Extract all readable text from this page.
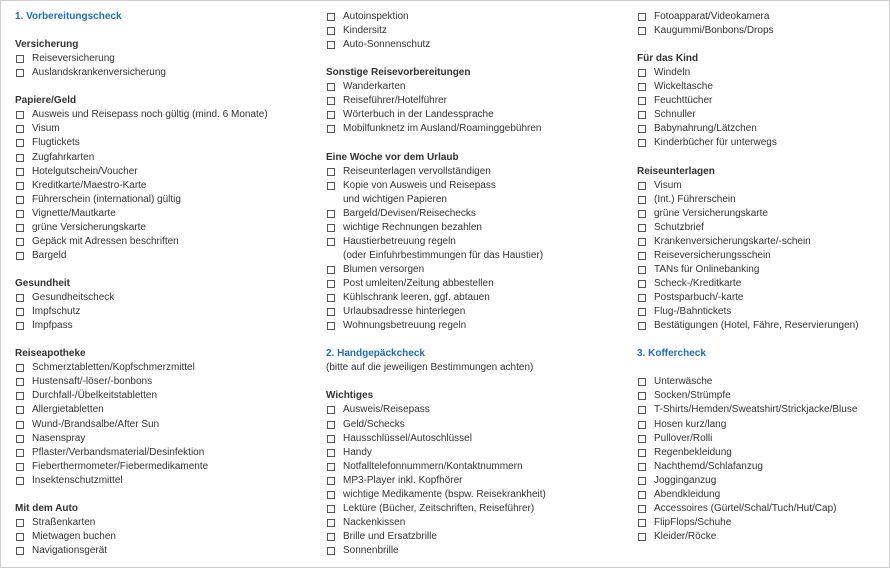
1. Vorbereitungscheck
Versicherung
Reiseversicherung
Auslandskrankenversicherung
Papiere/Geld
Ausweis und Reisepass noch gültig (mind. 6 Monate)
Visum
Flugtickets
Zugfahrkarten
Hotelgutschein/Voucher
Kreditkarte/Maestro-Karte
Führerschein (international) gültig
Vignette/Mautkarte
grüne Versicherungskarte
Gepäck mit Adressen beschriften
Bargeld
Gesundheit
Gesundheitscheck
Impfschutz
Impfpass
Reiseapotheke
Schmerztabletten/Kopfschmerzmittel
Hustensaft/-löser/-bonbons
Durchfall-/Übelkeitstabletten
Allergietabletten
Wund-/Brandsalbe/After Sun
Nasenspray
Pflaster/Verbandsmaterial/Desinfektion
Fieberthermometer/Fiebermedikamente
Insektenschutzmittel
Mit dem Auto
Straßenkarten
Mietwagen buchen
Navigationsgerät
Autoinspektion
Kindersitz
Auto-Sonnenschutz
Sonstige Reisevorbereitungen
Wanderkarten
Reiseführer/Hotelführer
Wörterbuch in der Landessprache
Mobilfunknetz im Ausland/Roaminggebühren
Eine Woche vor dem Urlaub
Reiseunterlagen vervollständigen
Kopie von Ausweis und Reisepass
und wichtigen Papieren
Bargeld/Devisen/Reisechecks
wichtige Rechnungen bezahlen
Haustierbetreuung regeln
(oder Einfuhrbestimmungen für das Haustier)
Blumen versorgen
Post umleiten/Zeitung abbestellen
Kühlschrank leeren, ggf. abtauen
Urlaubsadresse hinterlegen
Wohnungsbetreuung regeln
2. Handgepäckcheck
(bitte auf die jeweiligen Bestimmungen achten)
Wichtiges
Ausweis/Reisepass
Geld/Schecks
Hausschlüssel/Autoschlüssel
Handy
Notfalltelefonnummern/Kontaktnummern
MP3-Player inkl. Kopfhörer
wichtige Medikamente (bspw. Reisekrankheit)
Lektüre (Bücher, Zeitschriften, Reiseführer)
Nackenkissen
Brille und Ersatzbrille
Sonnenbrille
Fotoapparat/Videokamera
Kaugummi/Bonbons/Drops
Für das Kind
Windeln
Wickeltasche
Feuchttücher
Schnuller
Babynahrung/Lätzchen
Kinderbücher für unterwegs
Reiseunterlagen
Visum
(Int.) Führerschein
grüne Versicherungskarte
Schutzbrief
Krankenversicherungskarte/-schein
Reiseversicherungsschein
TANs für Onlinebanking
Scheck-/Kreditkarte
Postsparbuch/-karte
Flug-/Bahntickets
Bestätigungen (Hotel, Fähre, Reservierungen)
3. Koffercheck
Unterwäsche
Socken/Strümpfe
T-Shirts/Hemden/Sweatshirt/Strickjacke/Bluse
Hosen kurz/lang
Pullover/Rolli
Regenbekleidung
Nachthemd/Schlafanzug
Jogginganzug
Abendkleidung
Accessoires (Gürtel/Schal/Tuch/Hut/Cap)
FlipFlops/Schuhe
Kleider/Röcke
